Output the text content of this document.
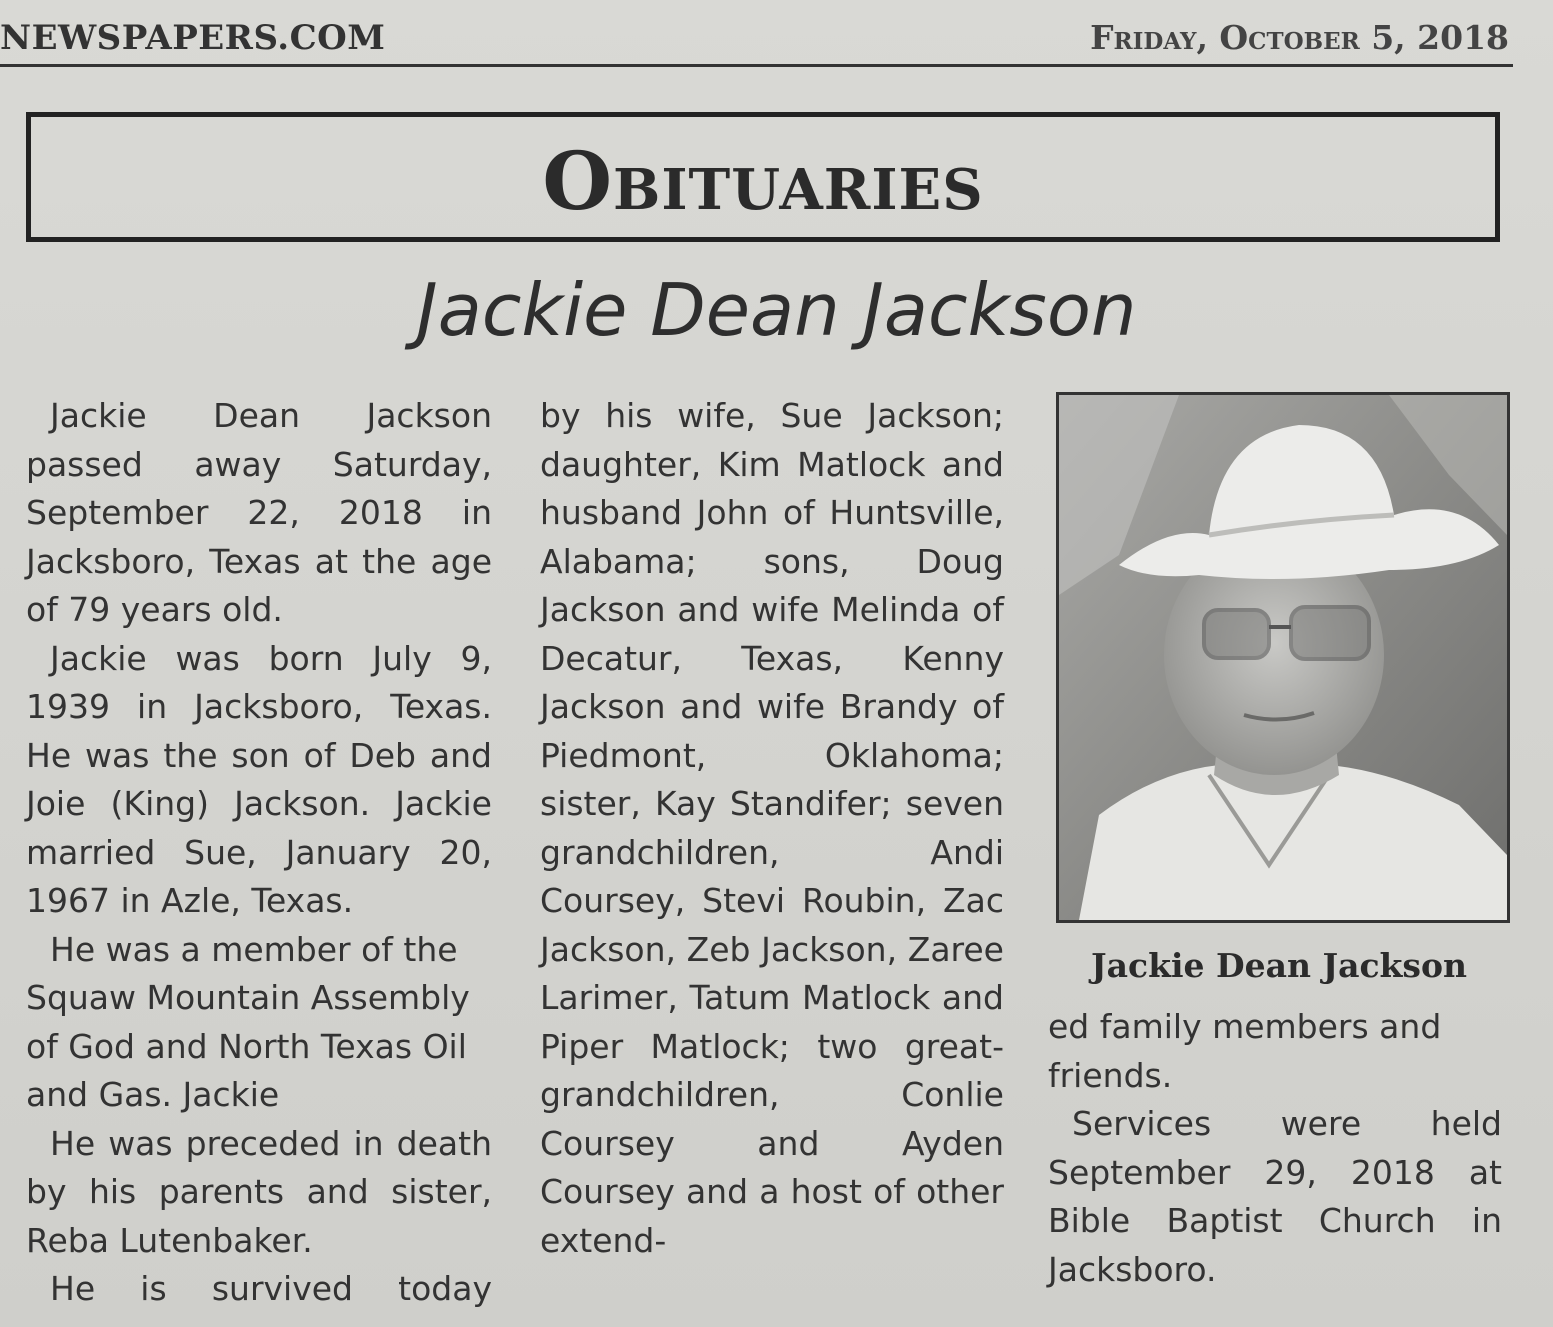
NEWSPAPERS.COM	Friday, October 5, 2018
Obituaries
Jackie Dean Jackson

Jackie Dean Jackson passed away Saturday, September 22, 2018 in Jacksboro, Texas at the age of 79 years old.

Jackie was born July 9, 1939 in Jacksboro, Texas. He was the son of Deb and Joie (King) Jackson. Jackie married Sue, January 20, 1967 in Azle, Texas.

He was a member of the Squaw Mountain Assembly of God and North Texas Oil and Gas. Jackie

He was preceded in death by his parents and sister, Reba Lutenbaker.

He is survived today

by his wife, Sue Jackson; daughter, Kim Matlock and husband John of Huntsville, Alabama; sons, Doug Jackson and wife Melinda of Decatur, Texas, Kenny Jackson and wife Brandy of Piedmont, Oklahoma; sister, Kay Standifer; seven grandchildren, Andi Coursey, Stevi Roubin, Zac Jackson, Zeb Jackson, Zaree Larimer, Tatum Matlock and Piper Matlock; two great-grandchildren, Conlie Coursey and Ayden Coursey and a host of other extend-

Jackie Dean Jackson

ed family members and friends.

Services were held September 29, 2018 at Bible Baptist Church in Jacksboro.
